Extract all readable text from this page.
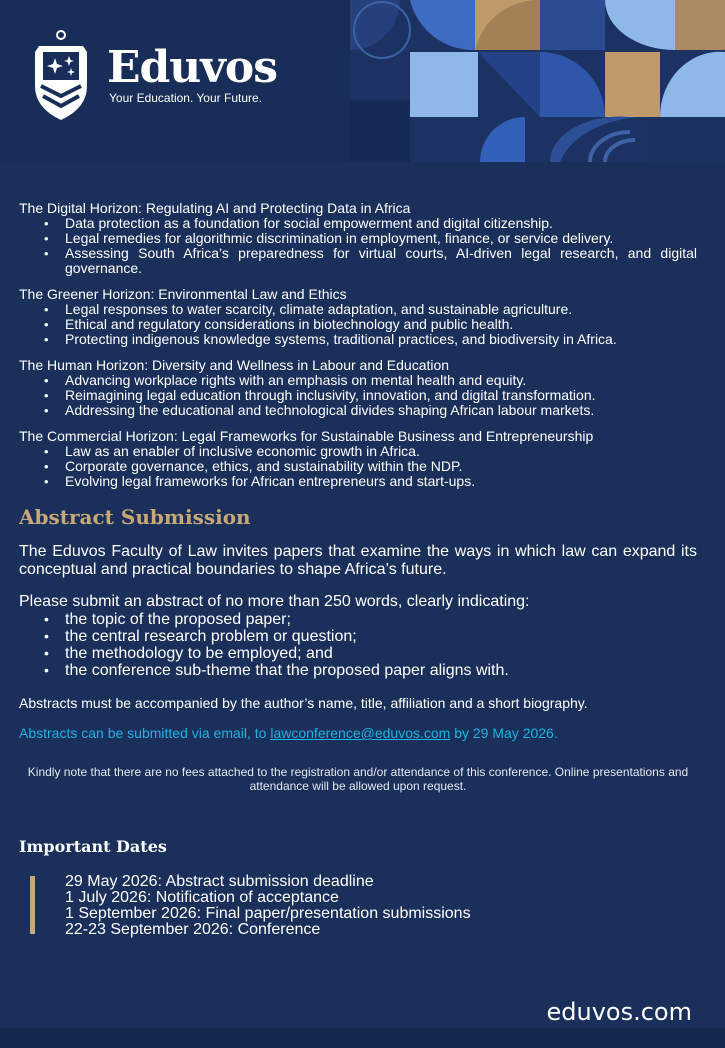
Eduvos
Your Education. Your Future.

The Digital Horizon: Regulating AI and Protecting Data in Africa

• Data protection as a foundation for social empowerment and digital citizenship.
• Legal remedies for algorithmic discrimination in employment, finance, or service delivery.
• Assessing South Africa’s preparedness for virtual courts, AI-driven legal research, and digital governance.

The Greener Horizon: Environmental Law and Ethics

• Legal responses to water scarcity, climate adaptation, and sustainable agriculture.
• Ethical and regulatory considerations in biotechnology and public health.
• Protecting indigenous knowledge systems, traditional practices, and biodiversity in Africa.

The Human Horizon: Diversity and Wellness in Labour and Education

• Advancing workplace rights with an emphasis on mental health and equity.
• Reimagining legal education through inclusivity, innovation, and digital transformation.
• Addressing the educational and technological divides shaping African labour markets.

The Commercial Horizon: Legal Frameworks for Sustainable Business and Entrepreneurship

• Law as an enabler of inclusive economic growth in Africa.
• Corporate governance, ethics, and sustainability within the NDP.
• Evolving legal frameworks for African entrepreneurs and start-ups.
Abstract Submission

The Eduvos Faculty of Law invites papers that examine the ways in which law can expand its conceptual and practical boundaries to shape Africa’s future.

Please submit an abstract of no more than 250 words, clearly indicating:

• the topic of the proposed paper;
• the central research problem or question;
• the methodology to be employed; and
• the conference sub-theme that the proposed paper aligns with.

Abstracts must be accompanied by the author’s name, title, affiliation and a short biography.

Abstracts can be submitted via email, to lawconference@eduvos.com by 29 May 2026.

Kindly note that there are no fees attached to the registration and/or attendance of this conference. Online presentations and attendance will be allowed upon request.

Important Dates
29 May 2026: Abstract submission deadline
1 July 2026: Notification of acceptance
1 September 2026: Final paper/presentation submissions
22-23 September 2026: Conference
eduvos.com
